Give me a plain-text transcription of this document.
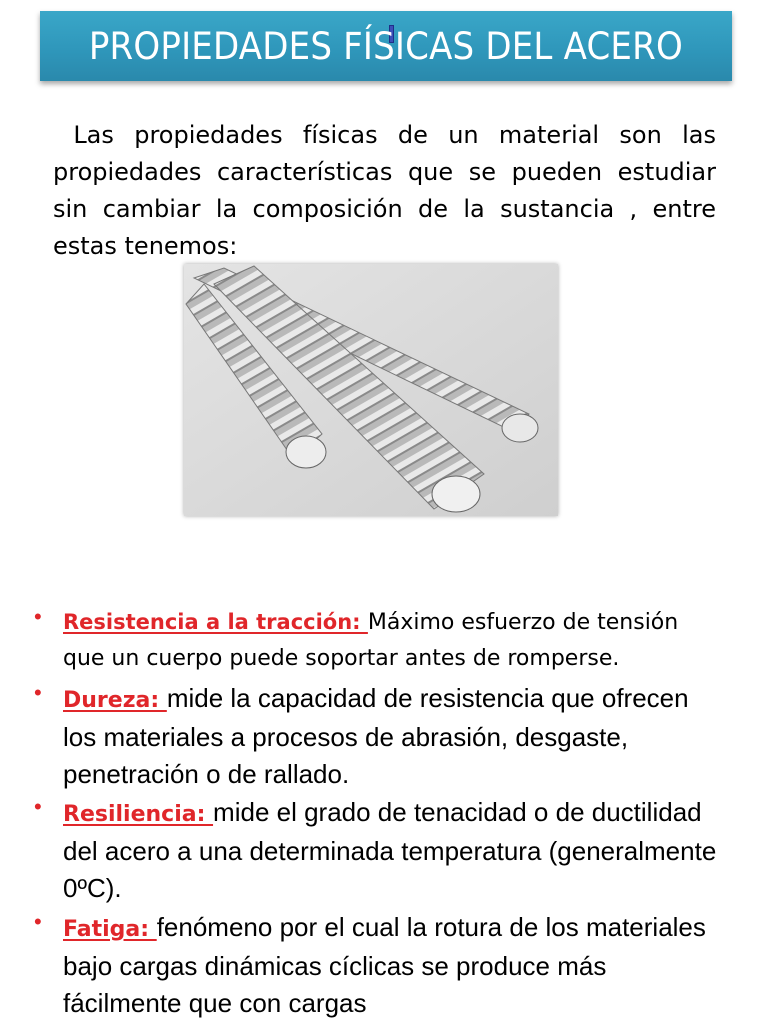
PROPIEDADES FÍSICAS DEL ACERO
Las propiedades físicas de un material son las propiedades características que se pueden estudiar sin cambiar la composición de la sustancia , entre estas tenemos:
• Resistencia a la tracción: Máximo esfuerzo de tensión que un cuerpo puede soportar antes de romperse.
• Dureza: mide la capacidad de resistencia que ofrecen los materiales a procesos de abrasión, desgaste, penetración o de rallado.
• Resiliencia: mide el grado de tenacidad o de ductilidad del acero a una determinada temperatura (generalmente 0ºC).
• Fatiga: fenómeno por el cual la rotura de los materiales bajo cargas dinámicas cíclicas se produce más fácilmente que con cargas
